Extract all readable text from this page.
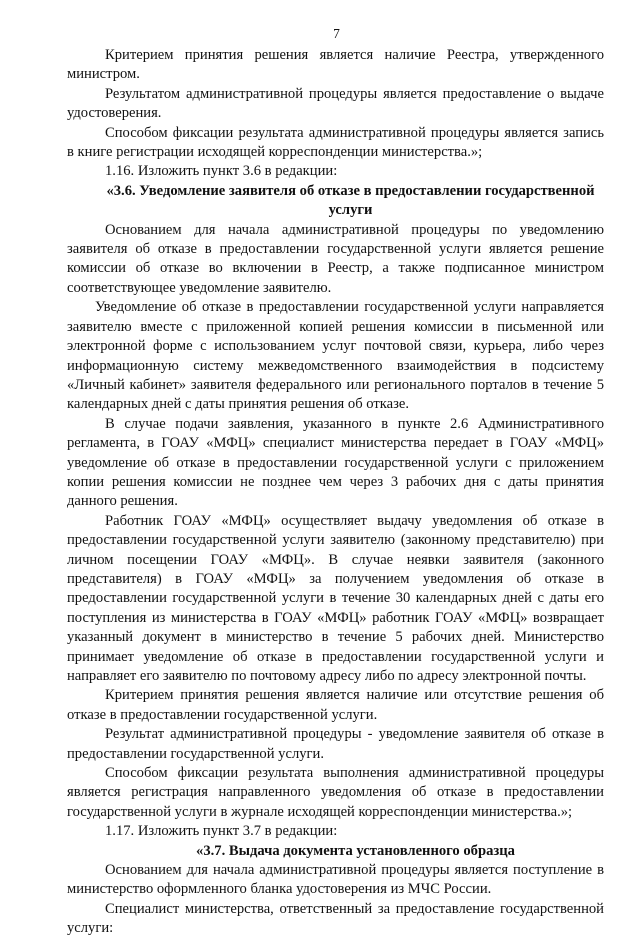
7

Критерием принятия решения является наличие Реестра, утвержденного министром.

Результатом административной процедуры является предоставление о выдаче удостоверения.

Способом фиксации результата административной процедуры является запись в книге регистрации исходящей корреспонденции министерства.»;

1.16. Изложить пункт 3.6 в редакции:

«3.6. Уведомление заявителя об отказе в предоставлении государственной услуги

Основанием для начала административной процедуры по уведомлению заявителя об отказе в предоставлении государственной услуги является решение комиссии об отказе во включении в Реестр, а также подписанное министром соответствующее уведомление заявителю.

Уведомление об отказе в предоставлении государственной услуги направляется заявителю вместе с приложенной копией решения комиссии в письменной или электронной форме с использованием услуг почтовой связи, курьера, либо через информационную систему межведомственного взаимодействия в подсистему «Личный кабинет» заявителя федерального или регионального порталов в течение 5 календарных дней с даты принятия решения об отказе.

В случае подачи заявления, указанного в пункте 2.6 Административного регламента, в ГОАУ «МФЦ» специалист министерства передает в ГОАУ «МФЦ» уведомление об отказе в предоставлении государственной услуги с приложением копии решения комиссии не позднее чем через 3 рабочих дня с даты принятия данного решения.

Работник ГОАУ «МФЦ» осуществляет выдачу уведомления об отказе в предоставлении государственной услуги заявителю (законному представителю) при личном посещении ГОАУ «МФЦ». В случае неявки заявителя (законного представителя) в ГОАУ «МФЦ» за получением уведомления об отказе в предоставлении государственной услуги в течение 30 календарных дней с даты его поступления из министерства в ГОАУ «МФЦ» работник ГОАУ «МФЦ» возвращает указанный документ в министерство в течение 5 рабочих дней. Министерство принимает уведомление об отказе в предоставлении государственной услуги и направляет его заявителю по почтовому адресу либо по адресу электронной почты.

Критерием принятия решения является наличие или отсутствие решения об отказе в предоставлении государственной услуги.

Результат административной процедуры - уведомление заявителя об отказе в предоставлении государственной услуги.

Способом фиксации результата выполнения административной процедуры является регистрация направленного уведомления об отказе в предоставлении государственной услуги в журнале исходящей корреспонденции министерства.»;

1.17. Изложить пункт 3.7 в редакции:

«3.7. Выдача документа установленного образца

Основанием для начала административной процедуры является поступление в министерство оформленного бланка удостоверения из МЧС России.

Специалист министерства, ответственный за предоставление государственной услуги:
